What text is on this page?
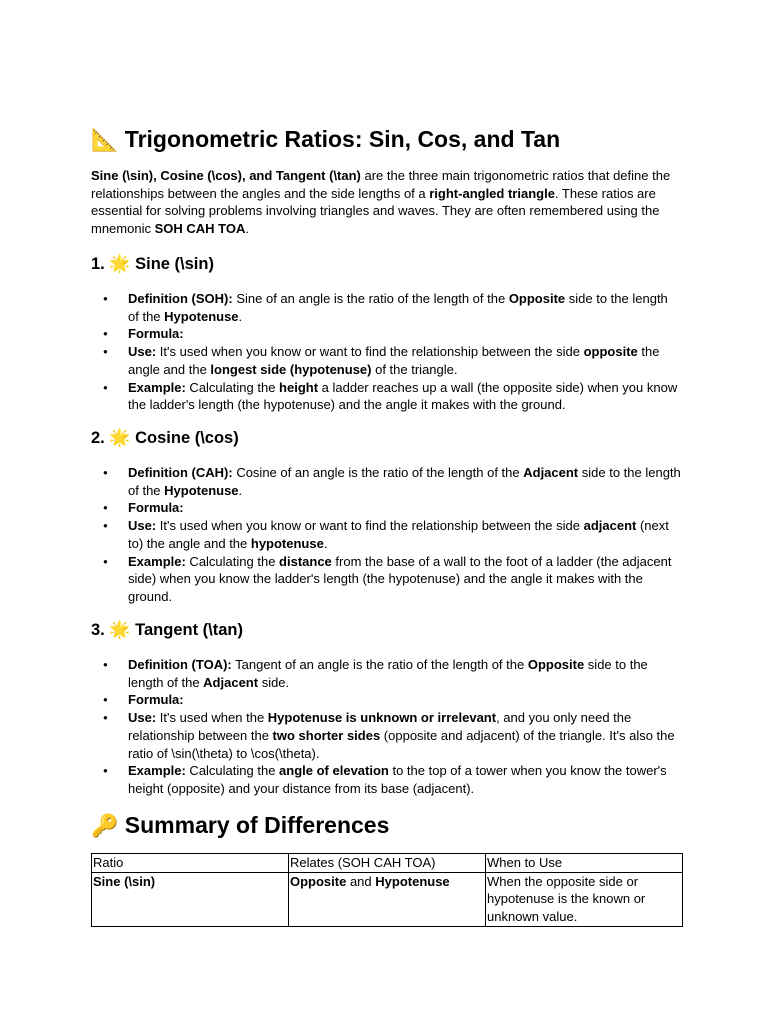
📐 Trigonometric Ratios: Sin, Cos, and Tan

Sine (\sin), Cosine (\cos), and Tangent (\tan) are the three main trigonometric ratios that define the relationships between the angles and the side lengths of a right-angled triangle. These ratios are essential for solving problems involving triangles and waves. They are often remembered using the mnemonic SOH CAH TOA.

1. 🌟 Sine (\sin)
● Definition (SOH): Sine of an angle is the ratio of the length of the Opposite side to the length of the Hypotenuse.
● Formula:
● Use: It's used when you know or want to find the relationship between the side opposite the angle and the longest side (hypotenuse) of the triangle.
● Example: Calculating the height a ladder reaches up a wall (the opposite side) when you know the ladder's length (the hypotenuse) and the angle it makes with the ground.
2. 🌟 Cosine (\cos)
● Definition (CAH): Cosine of an angle is the ratio of the length of the Adjacent side to the length of the Hypotenuse.
● Formula:
● Use: It's used when you know or want to find the relationship between the side adjacent (next to) the angle and the hypotenuse.
● Example: Calculating the distance from the base of a wall to the foot of a ladder (the adjacent side) when you know the ladder's length (the hypotenuse) and the angle it makes with the ground.
3. 🌟 Tangent (\tan)
● Definition (TOA): Tangent of an angle is the ratio of the length of the Opposite side to the length of the Adjacent side.
● Formula:
● Use: It's used when the Hypotenuse is unknown or irrelevant, and you only need the relationship between the two shorter sides (opposite and adjacent) of the triangle. It's also the ratio of \sin(\theta) to \cos(\theta).
● Example: Calculating the angle of elevation to the top of a tower when you know the tower's height (opposite) and your distance from its base (adjacent).
🔑 Summary of Differences
Ratio	Relates (SOH CAH TOA)	When to Use
Sine (\sin)	Opposite and Hypotenuse	When the opposite side or hypotenuse is the known or unknown value.
